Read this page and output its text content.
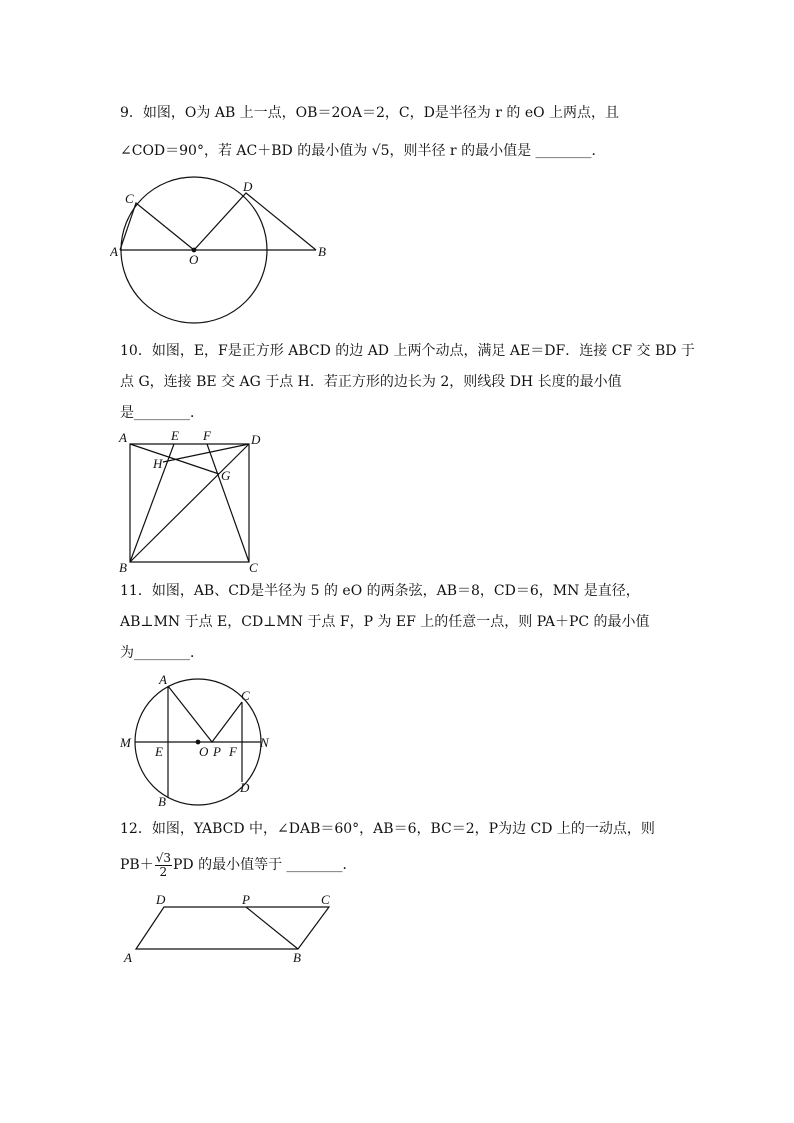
9．如图，O为 AB 上一点，OB＝2OA＝2，C，D是半径为 r 的 eO 上两点，且
∠COD＝90°，若 AC＋BD 的最小值为 √5，则半径 r 的最小值是 ________．
A	B
C
D
O
10．如图，E，F是正方形 ABCD 的边 AD 上两个动点，满足 AE＝DF．连接 CF 交 BD 于
点 G，连接 BE 交 AG 于点 H．若正方形的边长为 2，则线段 DH 长度的最小值
是________．
A	D
E F
H
G
B	C
11．如图，AB、CD是半径为 5 的 eO 的两条弦，AB＝8，CD＝6，MN 是直径，
AB⊥MN 于点 E，CD⊥MN 于点 F，P 为 EF 上的任意一点，则 PA＋PC 的最小值
为________．
M	N
A
B
C
D
E	F
O P
12．如图，YABCD 中，∠DAB＝60°，AB＝6，BC＝2，P为边 CD 上的一动点，则
$PB+ \frac{√3}{2}$ PD 的最小值等于 ________．
A	B
C
D	P
